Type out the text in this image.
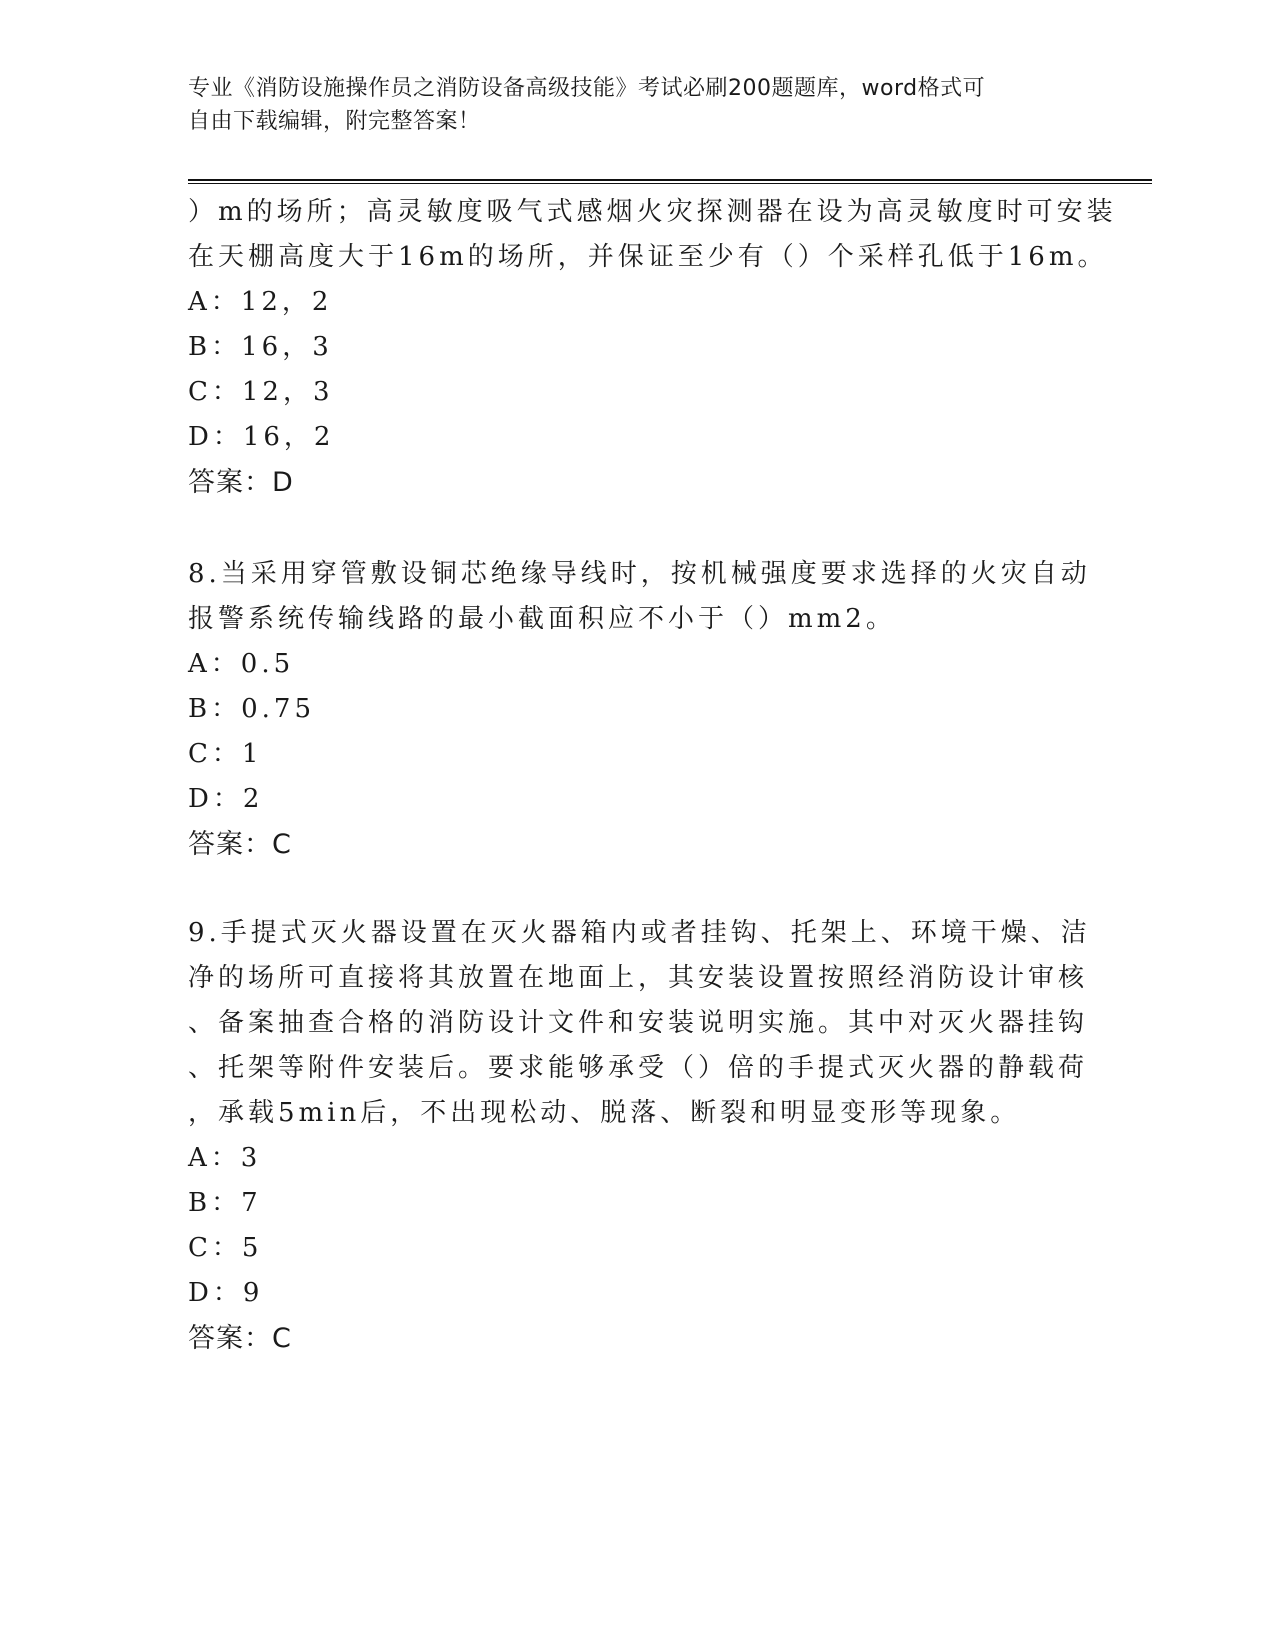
专业《消防设施操作员之消防设备高级技能》考试必刷200题题库，word格式可
自由下载编辑，附完整答案！
）m的场所；高灵敏度吸气式感烟火灾探测器在设为高灵敏度时可安装
在天棚高度大于16m的场所，并保证至少有（）个采样孔低于16m。
A：12，2
B：16，3
C：12，3
D：16，2
答案：D
8.当采用穿管敷设铜芯绝缘导线时，按机械强度要求选择的火灾自动
报警系统传输线路的最小截面积应不小于（）mm2。
A：0.5
B：0.75
C：1
D：2
答案：C
9.手提式灭火器设置在灭火器箱内或者挂钩、托架上、环境干燥、洁
净的场所可直接将其放置在地面上，其安装设置按照经消防设计审核
、备案抽查合格的消防设计文件和安装说明实施。其中对灭火器挂钩
、托架等附件安装后。要求能够承受（）倍的手提式灭火器的静载荷
，承载5min后，不出现松动、脱落、断裂和明显变形等现象。
A：3
B：7
C：5
D：9
答案：C
